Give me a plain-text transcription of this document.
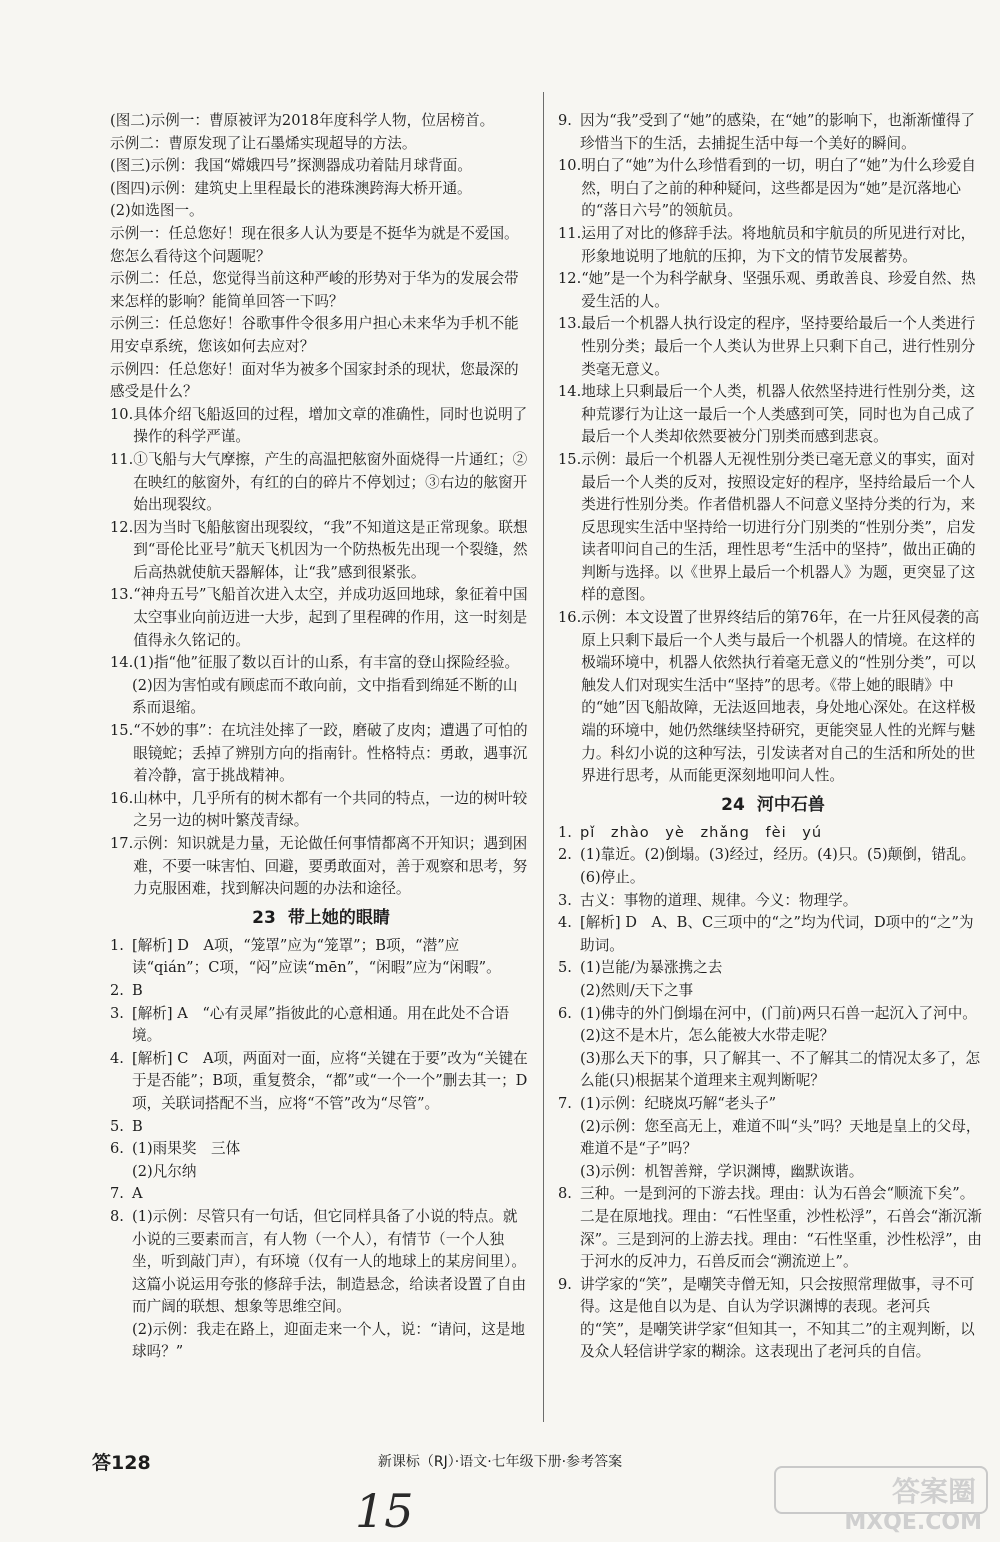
(图二)示例一：曹原被评为2018年度科学人物，位居榜首。

示例二：曹原发现了让石墨烯实现超导的方法。

(图三)示例：我国“嫦娥四号”探测器成功着陆月球背面。

(图四)示例：建筑史上里程最长的港珠澳跨海大桥开通。

(2)如选图一。

示例一：任总您好！现在很多人认为要是不挺华为就是不爱国。您怎么看待这个问题呢？

示例二：任总，您觉得当前这种严峻的形势对于华为的发展会带来怎样的影响？能简单回答一下吗？

示例三：任总您好！谷歌事件令很多用户担心未来华为手机不能用安卓系统，您该如何去应对？

示例四：任总您好！面对华为被多个国家封杀的现状，您最深的感受是什么？

10. 具体介绍飞船返回的过程，增加文章的准确性，同时也说明了操作的科学严谨。
11. ①飞船与大气摩擦，产生的高温把舷窗外面烧得一片通红；②在映红的舷窗外，有红的白的碎片不停划过；③右边的舷窗开始出现裂纹。
12. 因为当时飞船舷窗出现裂纹，“我”不知道这是正常现象。联想到“哥伦比亚号”航天飞机因为一个防热板先出现一个裂缝，然后高热就使航天器解体，让“我”感到很紧张。
13. “神舟五号”飞船首次进入太空，并成功返回地球，象征着中国太空事业向前迈进一大步，起到了里程碑的作用，这一时刻是值得永久铭记的。
14. (1)指“他”征服了数以百计的山系，有丰富的登山探险经验。

(2)因为害怕或有顾虑而不敢向前，文中指看到绵延不断的山系而退缩。

15. “不妙的事”：在坑洼处摔了一跤，磨破了皮肉；遭遇了可怕的眼镜蛇；丢掉了辨别方向的指南针。性格特点：勇敢，遇事沉着冷静，富于挑战精神。
16. 山林中，几乎所有的树木都有一个共同的特点，一边的树叶较之另一边的树叶繁茂青绿。
17. 示例：知识就是力量，无论做任何事情都离不开知识；遇到困难，不要一味害怕、回避，要勇敢面对，善于观察和思考，努力克服困难，找到解决问题的办法和途径。
23 带上她的眼睛
1. [解析] D　A项，“笼罩”应为“笼罩”；B项，“潜”应读“qián”；C项，“闷”应读“mēn”，“闲暇”应为“闲暇”。
2. B
3. [解析] A　“心有灵犀”指彼此的心意相通。用在此处不合语境。
4. [解析] C　A项，两面对一面，应将“关键在于要”改为“关键在于是否能”；B项，重复赘余，“都”或“一个一个”删去其一；D项，关联词搭配不当，应将“不管”改为“尽管”。
5. B
6. (1)雨果奖　三体

(2)凡尔纳

7. A
8. (1)示例：尽管只有一句话，但它同样具备了小说的特点。就小说的三要素而言，有人物（一个人），有情节（一个人独坐，听到敲门声），有环境（仅有一人的地球上的某房间里）。这篇小说运用夸张的修辞手法，制造悬念，给读者设置了自由而广阔的联想、想象等思维空间。

(2)示例：我走在路上，迎面走来一个人，说：“请问，这是地球吗？”

9. 因为“我”受到了“她”的感染，在“她”的影响下，也渐渐懂得了珍惜当下的生活，去捕捉生活中每一个美好的瞬间。
10. 明白了“她”为什么珍惜看到的一切，明白了“她”为什么珍爱自然，明白了之前的种种疑问，这些都是因为“她”是沉落地心的“落日六号”的领航员。
11. 运用了对比的修辞手法。将地航员和宇航员的所见进行对比，形象地说明了地航的压抑，为下文的情节发展蓄势。
12. “她”是一个为科学献身、坚强乐观、勇敢善良、珍爱自然、热爱生活的人。
13. 最后一个机器人执行设定的程序，坚持要给最后一个人类进行性别分类；最后一个人类认为世界上只剩下自己，进行性别分类毫无意义。
14. 地球上只剩最后一个人类，机器人依然坚持进行性别分类，这种荒谬行为让这一最后一个人类感到可笑，同时也为自己成了最后一个人类却依然要被分门别类而感到悲哀。
15. 示例：最后一个机器人无视性别分类已毫无意义的事实，面对最后一个人类的反对，按照设定好的程序，坚持给最后一个人类进行性别分类。作者借机器人不问意义坚持分类的行为，来反思现实生活中坚持给一切进行分门别类的“性别分类”，启发读者叩问自己的生活，理性思考“生活中的坚持”，做出正确的判断与选择。以《世界上最后一个机器人》为题，更突显了这样的意图。
16. 示例：本文设置了世界终结后的第76年，在一片狂风侵袭的高原上只剩下最后一个人类与最后一个机器人的情境。在这样的极端环境中，机器人依然执行着毫无意义的“性别分类”，可以触发人们对现实生活中“坚持”的思考。《带上她的眼睛》中的“她”因飞船故障，无法返回地表，身处地心深处。在这样极端的环境中，她仍然继续坚持研究，更能突显人性的光辉与魅力。科幻小说的这种写法，引发读者对自己的生活和所处的世界进行思考，从而能更深刻地叩问人性。
24 河中石兽
1. pǐ　zhào　yè　zhǎng　fèi　yú
2. (1)靠近。(2)倒塌。(3)经过，经历。(4)只。(5)颠倒，错乱。(6)停止。
3. 古义：事物的道理、规律。今义：物理学。
4. [解析] D　A、B、C三项中的“之”均为代词，D项中的“之”为助词。
5. (1)岂能/为暴涨携之去

(2)然则/天下之事

6. (1)佛寺的外门倒塌在河中，(门前)两只石兽一起沉入了河中。

(2)这不是木片，怎么能被大水带走呢？

(3)那么天下的事，只了解其一、不了解其二的情况太多了，怎么能(只)根据某个道理来主观判断呢？

7. (1)示例：纪晓岚巧解“老头子”

(2)示例：您至高无上，难道不叫“头”吗？天地是皇上的父母，难道不是“子”吗？

(3)示例：机智善辩，学识渊博，幽默诙谐。

8. 三种。一是到河的下游去找。理由：认为石兽会“顺流下矣”。二是在原地找。理由：“石性坚重，沙性松浮”，石兽会“渐沉渐深”。三是到河的上游去找。理由：“石性坚重，沙性松浮”，由于河水的反冲力，石兽反而会“溯流逆上”。
9. 讲学家的“笑”，是嘲笑寺僧无知，只会按照常理做事，寻不可得。这是他自以为是、自认为学识渊博的表现。老河兵的“笑”，是嘲笑讲学家“但知其一，不知其二”的主观判断，以及众人轻信讲学家的糊涂。这表现出了老河兵的自信。
答128	新课标（RJ）·语文·七年级下册·参考答案
15	答案圈
MXQE.COM
